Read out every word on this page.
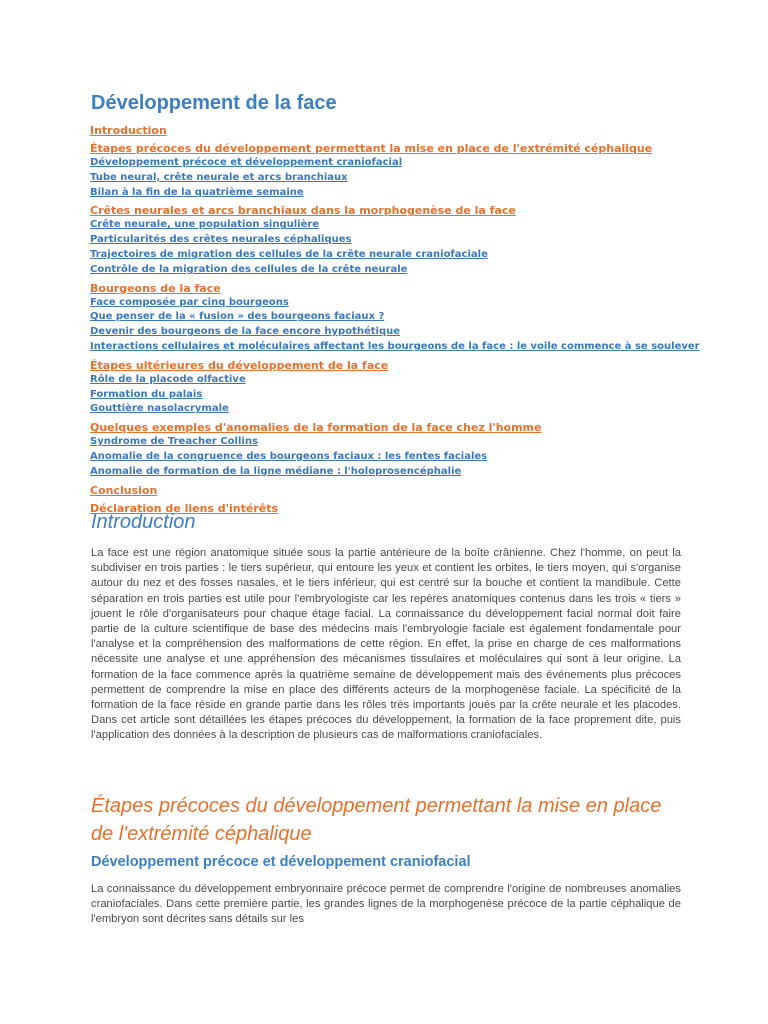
Développement de la face
Introduction
Étapes précoces du développement permettant la mise en place de l'extrémité céphalique
Développement précoce et développement craniofacial
Tube neural, crête neurale et arcs branchiaux
Bilan à la fin de la quatrième semaine
Crêtes neurales et arcs branchiaux dans la morphogenèse de la face
Crête neurale, une population singulière
Particularités des crêtes neurales céphaliques
Trajectoires de migration des cellules de la crête neurale craniofaciale
Contrôle de la migration des cellules de la crête neurale
Bourgeons de la face
Face composée par cinq bourgeons
Que penser de la « fusion » des bourgeons faciaux ?
Devenir des bourgeons de la face encore hypothétique
Interactions cellulaires et moléculaires affectant les bourgeons de la face : le voile commence à se soulever
Étapes ultérieures du développement de la face
Rôle de la placode olfactive
Formation du palais
Gouttière nasolacrymale
Quelques exemples d'anomalies de la formation de la face chez l'homme
Syndrome de Treacher Collins
Anomalie de la congruence des bourgeons faciaux : les fentes faciales
Anomalie de formation de la ligne médiane : l'holoprosencéphalie
Conclusion
Déclaration de liens d'intérêts
Introduction

La face est une région anatomique située sous la partie antérieure de la boîte crânienne. Chez l'homme, on peut la subdiviser en trois parties : le tiers supérieur, qui entoure les yeux et contient les orbites, le tiers moyen, qui s'organise autour du nez et des fosses nasales, et le tiers inférieur, qui est centré sur la bouche et contient la mandibule. Cette séparation en trois parties est utile pour l'embryologiste car les repères anatomiques contenus dans les trois « tiers » jouent le rôle d'organisateurs pour chaque étage facial. La connaissance du développement facial normal doit faire partie de la culture scientifique de base des médecins mais l'embryologie faciale est également fondamentale pour l'analyse et la compréhension des malformations de cette région. En effet, la prise en charge de ces malformations nécessite une analyse et une appréhension des mécanismes tissulaires et moléculaires qui sont à leur origine. La formation de la face commence après la quatrième semaine de développement mais des événements plus précoces permettent de comprendre la mise en place des différents acteurs de la morphogenèse faciale. La spécificité de la formation de la face réside en grande partie dans les rôles très importants joués par la crête neurale et les placodes. Dans cet article sont détaillées les étapes précoces du développement, la formation de la face proprement dite, puis l'application des données à la description de plusieurs cas de malformations craniofaciales.

Étapes précoces du développement permettant la mise en place
de l'extrémité céphalique
Développement précoce et développement craniofacial

La connaissance du développement embryonnaire précoce permet de comprendre l'origine de nombreuses anomalies craniofaciales. Dans cette première partie, les grandes lignes de la morphogenèse précoce de la partie céphalique de l'embryon sont décrites sans détails sur les
